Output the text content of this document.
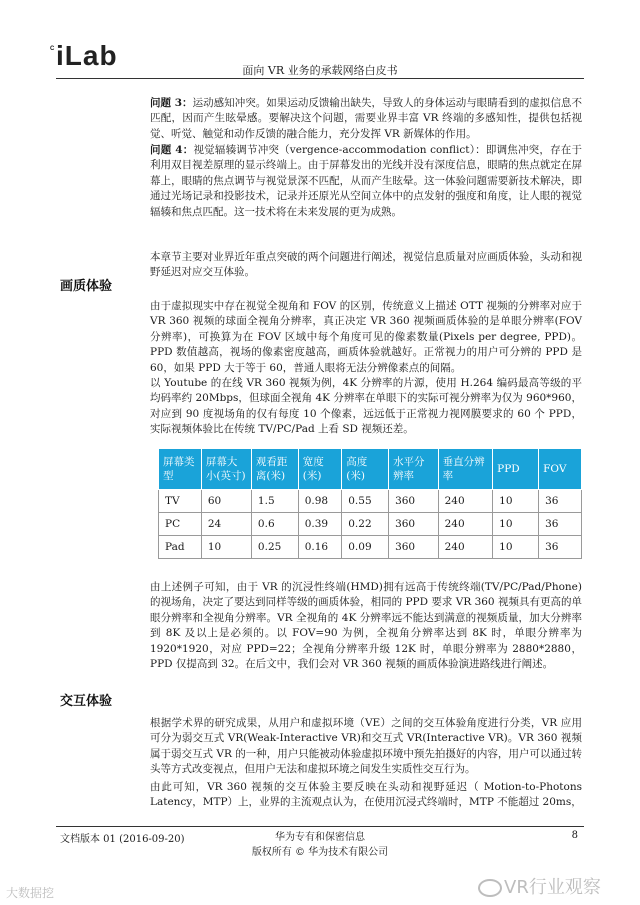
C iLab	面向 VR 业务的承载网络白皮书
问题 3：运动感知冲突。如果运动反馈输出缺失，导致人的身体运动与眼睛看到的虚拟信息不匹配，因而产生眩晕感。要解决这个问题，需要业界丰富 VR 终端的多感知性，提供包括视觉、听觉、触觉和动作反馈的融合能力，充分发挥 VR 新媒体的作用。
问题 4：视觉辐辏调节冲突（vergence-accommodation conflict）：即调焦冲突，存在于利用双目视差原理的显示终端上。由于屏幕发出的光线并没有深度信息，眼睛的焦点就定在屏幕上，眼睛的焦点调节与视觉景深不匹配，从而产生眩晕。这一体验问题需要新技术解决，即通过光场记录和投影技术，记录并还原光从空间立体中的点发射的强度和角度，让人眼的视觉辐辏和焦点匹配。这一技术将在未来发展的更为成熟。
本章节主要对业界近年重点突破的两个问题进行阐述，视觉信息质量对应画质体验，头动和视野延迟对应交互体验。
画质体验
由于虚拟现实中存在视觉全视角和 FOV 的区别，传统意义上描述 OTT 视频的分辨率对应于 VR 360 视频的球面全视角分辨率，真正决定 VR 360 视频画质体验的是单眼分辨率(FOV 分辨率)，可换算为在 FOV 区域中每个角度可见的像素数量(Pixels per degree, PPD)。PPD 数值越高，视场的像素密度越高，画质体验就越好。正常视力的用户可分辨的 PPD 是 60，如果 PPD 大于等于 60，普通人眼将无法分辨像素点的间隔。
以 Youtube 的在线 VR 360 视频为例，4K 分辨率的片源，使用 H.264 编码最高等级的平均码率约 20Mbps，但球面全视角 4K 分辨率在单眼下的实际可视分辨率为仅为 960*960，对应到 90 度视场角的仅有每度 10 个像素，远远低于正常视力视网膜要求的 60 个 PPD，实际视频体验比在传统 TV/PC/Pad 上看 SD 视频还差。
屏幕类型	屏幕大小(英寸)	观看距离(米)	宽度(米)	高度(米)	水平分辨率	垂直分辨率	PPD	FOV
TV	60	1.5	0.98	0.55	360	240	10	36
PC	24	0.6	0.39	0.22	360	240	10	36
Pad	10	0.25	0.16	0.09	360	240	10	36
由上述例子可知，由于 VR 的沉浸性终端(HMD)拥有远高于传统终端(TV/PC/Pad/Phone)的视场角，决定了要达到同样等级的画质体验，相同的 PPD 要求 VR 360 视频具有更高的单眼分辨率和全视角分辨率。VR 全视角的 4K 分辨率远不能达到满意的视频质量，加大分辨率到 8K 及以上是必须的。以 FOV=90 为例，全视角分辨率达到 8K 时，单眼分辨率为 1920*1920，对应 PPD=22；全视角分辨率升级 12K 时，单眼分辨率为 2880*2880，PPD 仅提高到 32。在后文中，我们会对 VR 360 视频的画质体验演进路线进行阐述。
交互体验
根据学术界的研究成果，从用户和虚拟环境（VE）之间的交互体验角度进行分类，VR 应用可分为弱交互式 VR(Weak-Interactive VR)和交互式 VR(Interactive VR)。VR 360 视频属于弱交互式 VR 的一种，用户只能被动体验虚拟环境中预先拍摄好的内容，用户可以通过转头等方式改变视点，但用户无法和虚拟环境之间发生实质性交互行为。
由此可知，VR 360 视频的交互体验主要反映在头动和视野延迟（ Motion-to-Photons Latency，MTP）上，业界的主流观点认为，在使用沉浸式终端时，MTP 不能超过 20ms，
文档版本 01 (2016-09-20)	华为专有和保密信息
版权所有 © 华为技术有限公司
8
大数据挖	VR行业观察
